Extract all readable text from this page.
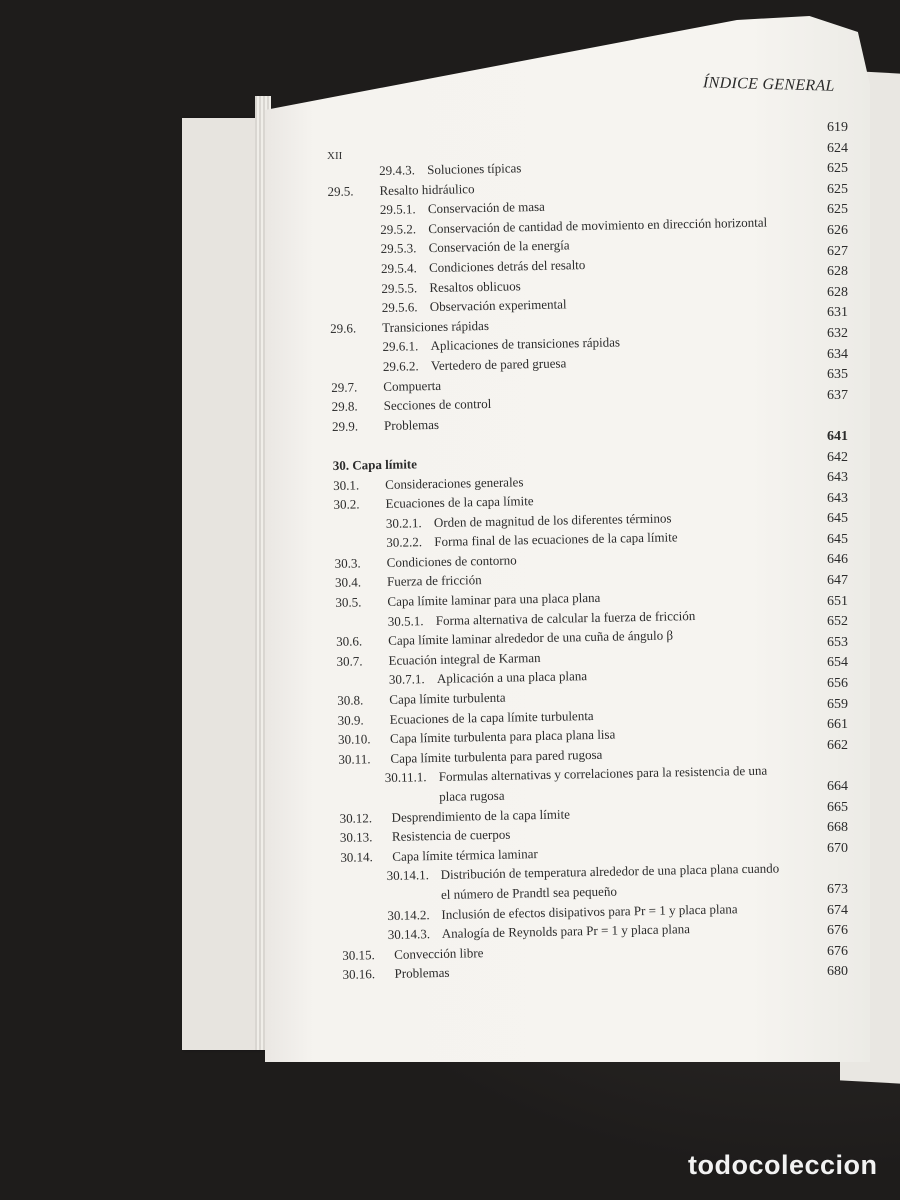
ÍNDICE GENERAL
XII
29.4.3. Soluciones típicas
29.5. Resalto hidráulico
29.5.1. Conservación de masa
29.5.2. Conservación de cantidad de movimiento en dirección horizontal
29.5.3. Conservación de la energía
29.5.4. Condiciones detrás del resalto
29.5.5. Resaltos oblicuos
29.5.6. Observación experimental
29.6. Transiciones rápidas
29.6.1. Aplicaciones de transiciones rápidas
29.6.2. Vertedero de pared gruesa
29.7. Compuerta
29.8. Secciones de control
29.9. Problemas
30. Capa límite
30.1. Consideraciones generales
30.2. Ecuaciones de la capa límite
30.2.1. Orden de magnitud de los diferentes términos
30.2.2. Forma final de las ecuaciones de la capa límite
30.3. Condiciones de contorno
30.4. Fuerza de fricción
30.5. Capa límite laminar para una placa plana
30.5.1. Forma alternativa de calcular la fuerza de fricción
30.6. Capa límite laminar alrededor de una cuña de ángulo β
30.7. Ecuación integral de Karman
30.7.1. Aplicación a una placa plana
30.8. Capa límite turbulenta
30.9. Ecuaciones de la capa límite turbulenta
30.10. Capa límite turbulenta para placa plana lisa
30.11. Capa límite turbulenta para pared rugosa
30.11.1. Formulas alternativas y correlaciones para la resistencia de una
placa rugosa
30.12. Desprendimiento de la capa límite
30.13. Resistencia de cuerpos
30.14. Capa límite térmica laminar
30.14.1. Distribución de temperatura alrededor de una placa plana cuando
el número de Prandtl sea pequeño
30.14.2. Inclusión de efectos disipativos para Pr = 1 y placa plana
30.14.3. Analogía de Reynolds para Pr = 1 y placa plana
30.15. Convección libre
30.16. Problemas
619
624
625
625
625
626
627
628
628
631
632
634
635
637
641
642
643
643
645
645
646
647
651
652
653
654
656
659
661
662
664
665
668
670
673
674
676
676
680
todocoleccion
